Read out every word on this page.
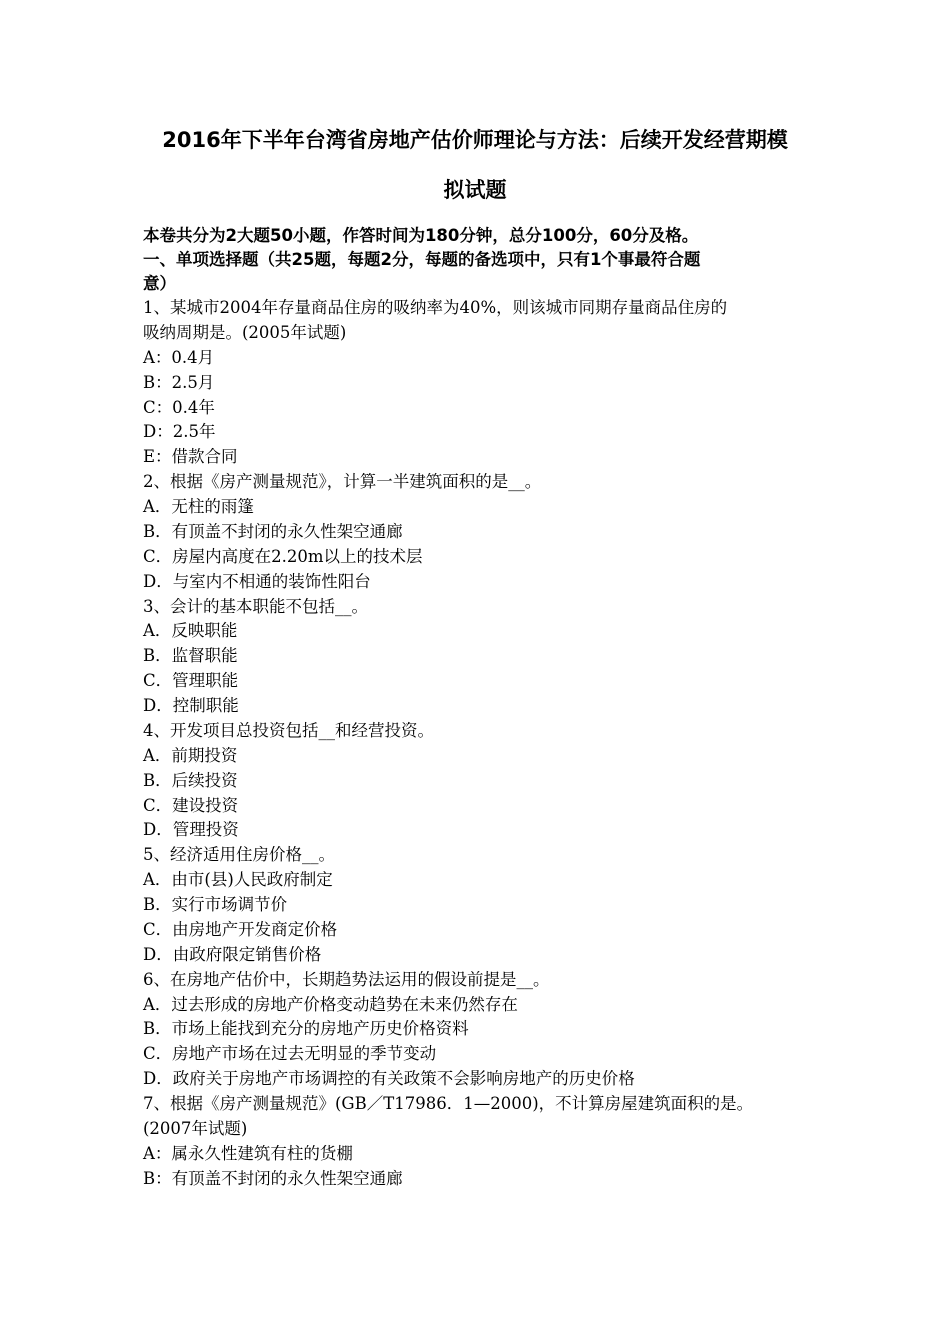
2016年下半年台湾省房地产估价师理论与方法：后续开发经营期模
拟试题
本卷共分为2大题50小题，作答时间为180分钟，总分100分，60分及格。
一、单项选择题（共25题，每题2分，每题的备选项中，只有1个事最符合题
意）
1、某城市2004年存量商品住房的吸纳率为40%，则该城市同期存量商品住房的
吸纳周期是。(2005年试题)
A：0.4月
B：2.5月
C：0.4年
D：2.5年
E：借款合同
2、根据《房产测量规范》，计算一半建筑面积的是__。
A．无柱的雨篷
B．有顶盖不封闭的永久性架空通廊
C．房屋内高度在2.20m以上的技术层
D．与室内不相通的装饰性阳台
3、会计的基本职能不包括__。
A．反映职能
B．监督职能
C．管理职能
D．控制职能
4、开发项目总投资包括__和经营投资。
A．前期投资
B．后续投资
C．建设投资
D．管理投资
5、经济适用住房价格__。
A．由市(县)人民政府制定
B．实行市场调节价
C．由房地产开发商定价格
D．由政府限定销售价格
6、在房地产估价中，长期趋势法运用的假设前提是__。
A．过去形成的房地产价格变动趋势在未来仍然存在
B．市场上能找到充分的房地产历史价格资料
C．房地产市场在过去无明显的季节变动
D．政府关于房地产市场调控的有关政策不会影响房地产的历史价格
7、根据《房产测量规范》(GB／T17986．1—2000)，不计算房屋建筑面积的是。
(2007年试题)
A：属永久性建筑有柱的货棚
B：有顶盖不封闭的永久性架空通廊
